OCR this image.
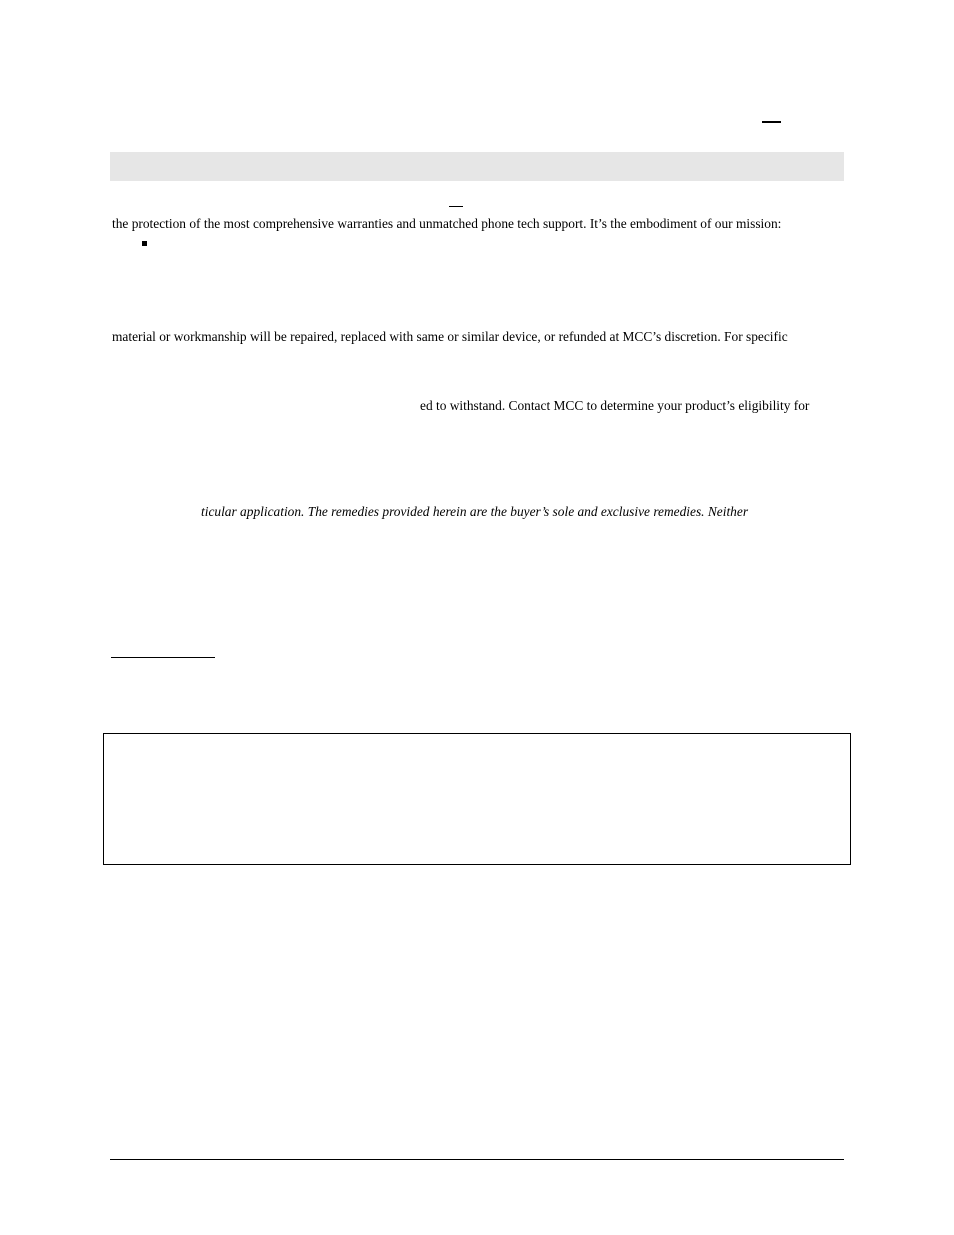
the protection of the most comprehensive warranties and unmatched phone tech support. It’s the embodiment of our mission:
material or workmanship will be repaired, replaced with same or similar device, or refunded at MCC’s discretion. For specific
ed to withstand. Contact MCC to determine your product’s eligibility for
ticular application. The remedies provided herein are the buyer’s sole and exclusive remedies. Neither
